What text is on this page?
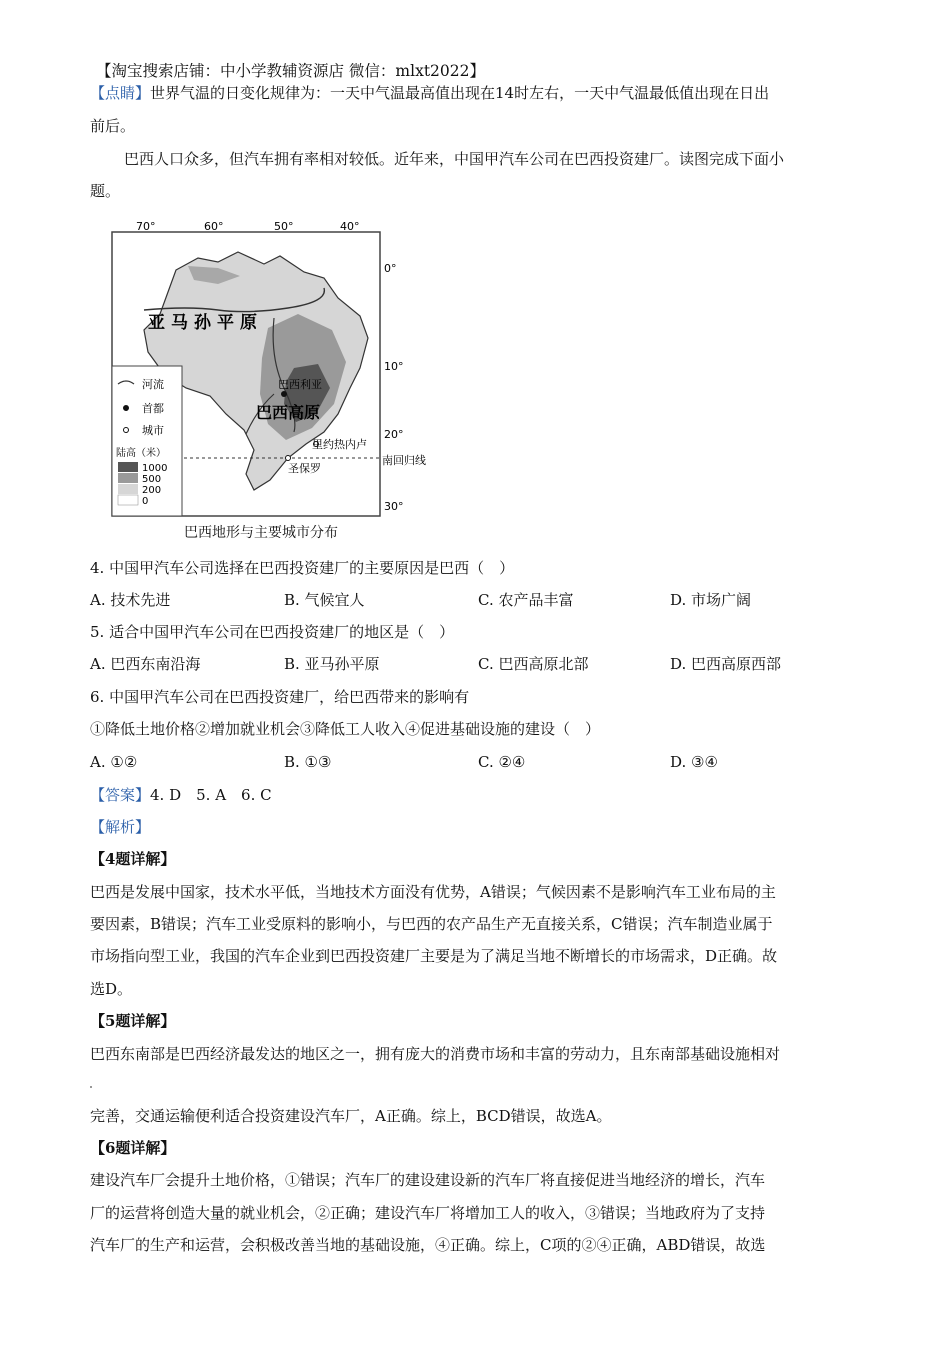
【淘宝搜索店铺：中小学教辅资源店 微信：mlxt2022】
【点睛】世界气温的日变化规律为：一天中气温最高值出现在14时左右，一天中气温最低值出现在日出
前后。
巴西人口众多，但汽车拥有率相对较低。近年来，中国甲汽车公司在巴西投资建厂。读图完成下面小
题。
70°	60°	50°	40°
0°
10°
20°
30°
亚马孙平原
巴西高原
巴西利亚
里约热内卢
圣保罗
南回归线
河流
首都
城市
陆高（米）
1000
500
200
0
巴西地形与主要城市分布
4. 中国甲汽车公司选择在巴西投资建厂的主要原因是巴西（　）
A. 技术先进	B. 气候宜人	C. 农产品丰富	D. 市场广阔
5. 适合中国甲汽车公司在巴西投资建厂的地区是（　）
A. 巴西东南沿海	B. 亚马孙平原	C. 巴西高原北部	D. 巴西高原西部
6. 中国甲汽车公司在巴西投资建厂，给巴西带来的影响有
①降低土地价格②增加就业机会③降低工人收入④促进基础设施的建设（　）
A. ①②	B. ①③	C. ②④	D. ③④
【答案】4. D　5. A　6. C
【解析】
【4题详解】
巴西是发展中国家，技术水平低，当地技术方面没有优势，A错误；气候因素不是影响汽车工业布局的主
要因素，B错误；汽车工业受原料的影响小，与巴西的农产品生产无直接关系，C错误；汽车制造业属于
市场指向型工业，我国的汽车企业到巴西投资建厂主要是为了满足当地不断增长的市场需求，D正确。故
选D。
【5题详解】
巴西东南部是巴西经济最发达的地区之一，拥有庞大的消费市场和丰富的劳动力，且东南部基础设施相对
完善，交通运输便利适合投资建设汽车厂，A正确。综上，BCD错误，故选A。
【6题详解】
建设汽车厂会提升土地价格，①错误；汽车厂的建设建设新的汽车厂将直接促进当地经济的增长，汽车
厂的运营将创造大量的就业机会，②正确；建设汽车厂将增加工人的收入，③错误；当地政府为了支持
汽车厂的生产和运营，会积极改善当地的基础设施，④正确。综上，C项的②④正确，ABD错误，故选
